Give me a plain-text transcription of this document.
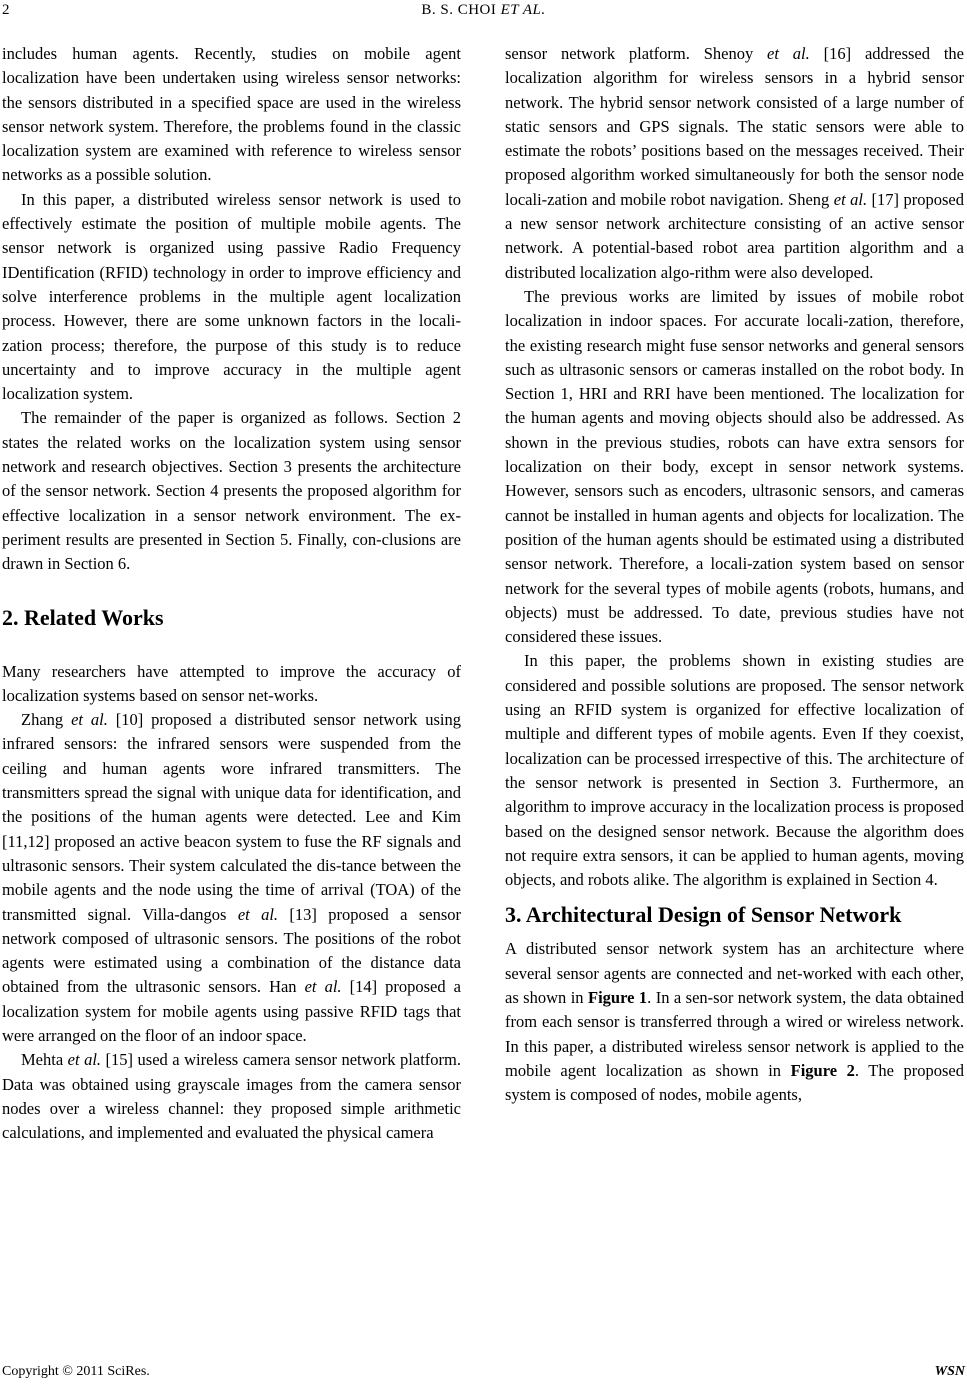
2	B. S. CHOI ET AL.

includes human agents. Recently, studies on mobile agent localization have been undertaken using wireless sensor networks: the sensors distributed in a specified space are used in the wireless sensor network system. Therefore, the problems found in the classic localization system are examined with reference to wireless sensor networks as a possible solution.

In this paper, a distributed wireless sensor network is used to effectively estimate the position of multiple mobile agents. The sensor network is organized using passive Radio Frequency IDentification (RFID) technology in order to improve efficiency and solve interference problems in the multiple agent localization process. However, there are some unknown factors in the locali-zation process; therefore, the purpose of this study is to reduce uncertainty and to improve accuracy in the multiple agent localization system.

The remainder of the paper is organized as follows. Section 2 states the related works on the localization system using sensor network and research objectives. Section 3 presents the architecture of the sensor network. Section 4 presents the proposed algorithm for effective localization in a sensor network environment. The ex-periment results are presented in Section 5. Finally, con-clusions are drawn in Section 6.

2. Related Works

Many researchers have attempted to improve the accuracy of localization systems based on sensor net-works.

Zhang et al. [10] proposed a distributed sensor network using infrared sensors: the infrared sensors were suspended from the ceiling and human agents wore infrared transmitters. The transmitters spread the signal with unique data for identification, and the positions of the human agents were detected. Lee and Kim [11,12] proposed an active beacon system to fuse the RF signals and ultrasonic sensors. Their system calculated the dis-tance between the mobile agents and the node using the time of arrival (TOA) of the transmitted signal. Villa-dangos et al. [13] proposed a sensor network composed of ultrasonic sensors. The positions of the robot agents were estimated using a combination of the distance data obtained from the ultrasonic sensors. Han et al. [14] proposed a localization system for mobile agents using passive RFID tags that were arranged on the floor of an indoor space.

Mehta et al. [15] used a wireless camera sensor network platform. Data was obtained using grayscale images from the camera sensor nodes over a wireless channel: they proposed simple arithmetic calculations, and implemented and evaluated the physical camera

sensor network platform. Shenoy et al. [16] addressed the localization algorithm for wireless sensors in a hybrid sensor network. The hybrid sensor network consisted of a large number of static sensors and GPS signals. The static sensors were able to estimate the robots’ positions based on the messages received. Their proposed algorithm worked simultaneously for both the sensor node locali-zation and mobile robot navigation. Sheng et al. [17] proposed a new sensor network architecture consisting of an active sensor network. A potential-based robot area partition algorithm and a distributed localization algo-rithm were also developed.

The previous works are limited by issues of mobile robot localization in indoor spaces. For accurate locali-zation, therefore, the existing research might fuse sensor networks and general sensors such as ultrasonic sensors or cameras installed on the robot body. In Section 1, HRI and RRI have been mentioned. The localization for the human agents and moving objects should also be addressed. As shown in the previous studies, robots can have extra sensors for localization on their body, except in sensor network systems. However, sensors such as encoders, ultrasonic sensors, and cameras cannot be installed in human agents and objects for localization. The position of the human agents should be estimated using a distributed sensor network. Therefore, a locali-zation system based on sensor network for the several types of mobile agents (robots, humans, and objects) must be addressed. To date, previous studies have not considered these issues.

In this paper, the problems shown in existing studies are considered and possible solutions are proposed. The sensor network using an RFID system is organized for effective localization of multiple and different types of mobile agents. Even If they coexist, localization can be processed irrespective of this. The architecture of the sensor network is presented in Section 3. Furthermore, an algorithm to improve accuracy in the localization process is proposed based on the designed sensor network. Because the algorithm does not require extra sensors, it can be applied to human agents, moving objects, and robots alike. The algorithm is explained in Section 4.

3. Architectural Design of Sensor Network

A distributed sensor network system has an architecture where several sensor agents are connected and net-worked with each other, as shown in Figure 1. In a sen-sor network system, the data obtained from each sensor is transferred through a wired or wireless network. In this paper, a distributed wireless sensor network is applied to the mobile agent localization as shown in Figure 2. The proposed system is composed of nodes, mobile agents,

Copyright © 2011 SciRes.	WSN
